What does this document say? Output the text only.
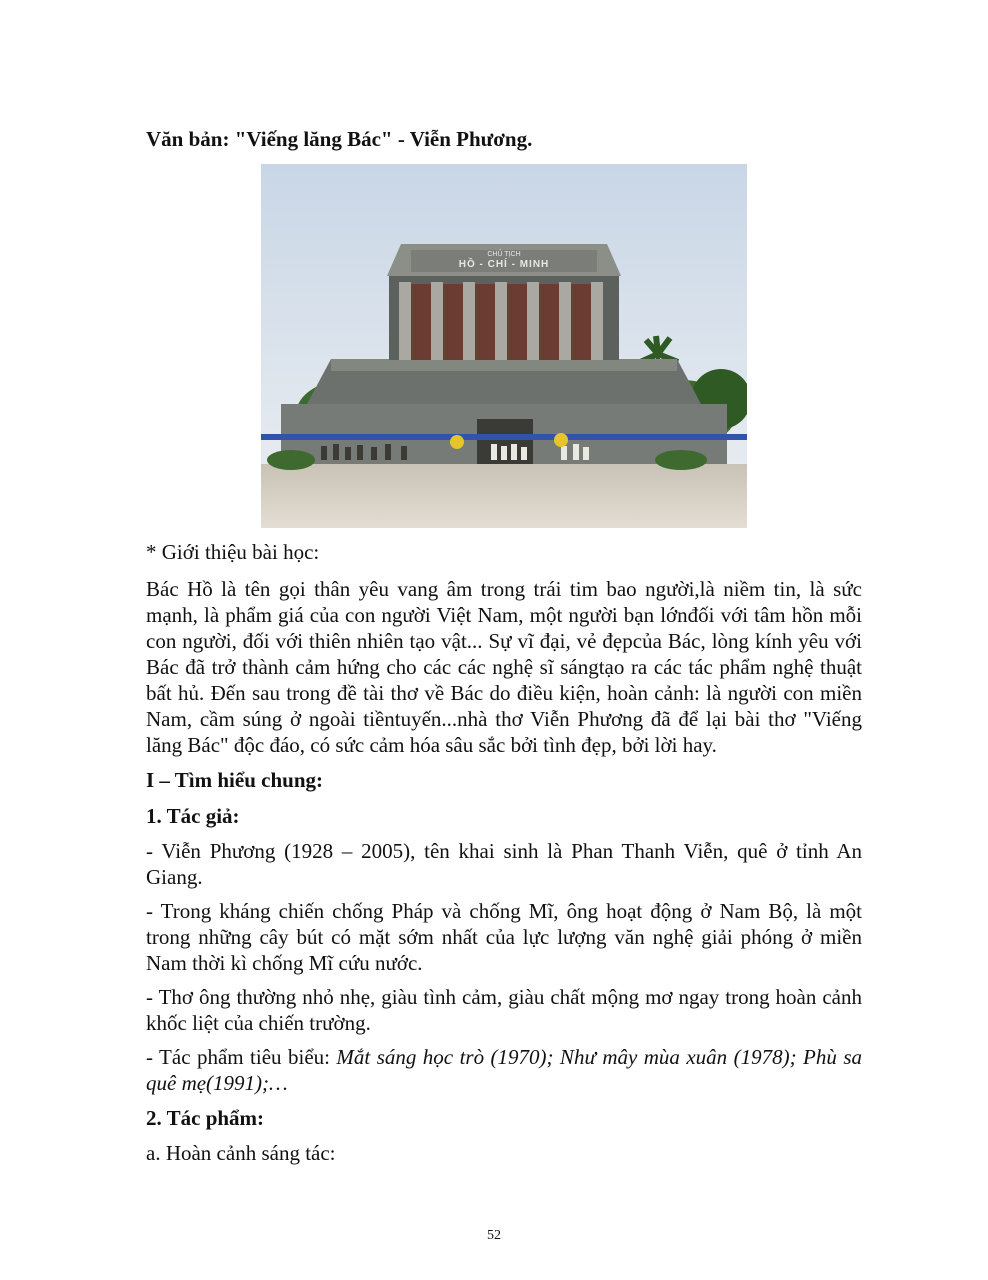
Văn bản: "Viếng lăng Bác" - Viễn Phương.
CHỦ TỊCH
HỒ - CHÍ - MINH
* Giới thiệu bài học:
Bác Hồ là tên gọi thân yêu vang âm trong trái tim bao người,là niềm tin, là sức mạnh, là phẩm giá của con người Việt Nam, một người bạn lớnđối với tâm hồn mỗi con người, đối với thiên nhiên tạo vật... Sự vĩ đại, vẻ đẹpcủa Bác, lòng kính yêu với Bác đã trở thành cảm hứng cho các các nghệ sĩ sángtạo ra các tác phẩm nghệ thuật bất hủ. Đến sau trong đề tài thơ về Bác do điều kiện, hoàn cảnh: là người con miền Nam, cầm súng ở ngoài tiềntuyến...nhà thơ Viễn Phương đã để lại bài thơ "Viếng lăng Bác" độc đáo, có sức cảm hóa sâu sắc bởi tình đẹp, bởi lời hay.
I – Tìm hiểu chung:
1. Tác giả:
- Viễn Phương (1928 – 2005), tên khai sinh là Phan Thanh Viễn, quê ở tỉnh An Giang.
- Trong kháng chiến chống Pháp và chống Mĩ, ông hoạt động ở Nam Bộ, là một trong những cây bút có mặt sớm nhất của lực lượng văn nghệ giải phóng ở miền Nam thời kì chống Mĩ cứu nước.
- Thơ ông thường nhỏ nhẹ, giàu tình cảm, giàu chất mộng mơ ngay trong hoàn cảnh khốc liệt của chiến trường.
- Tác phẩm tiêu biểu: Mắt sáng học trò (1970); Như mây mùa xuân (1978); Phù sa quê mẹ(1991);…
2. Tác phẩm:
a. Hoàn cảnh sáng tác:
52
